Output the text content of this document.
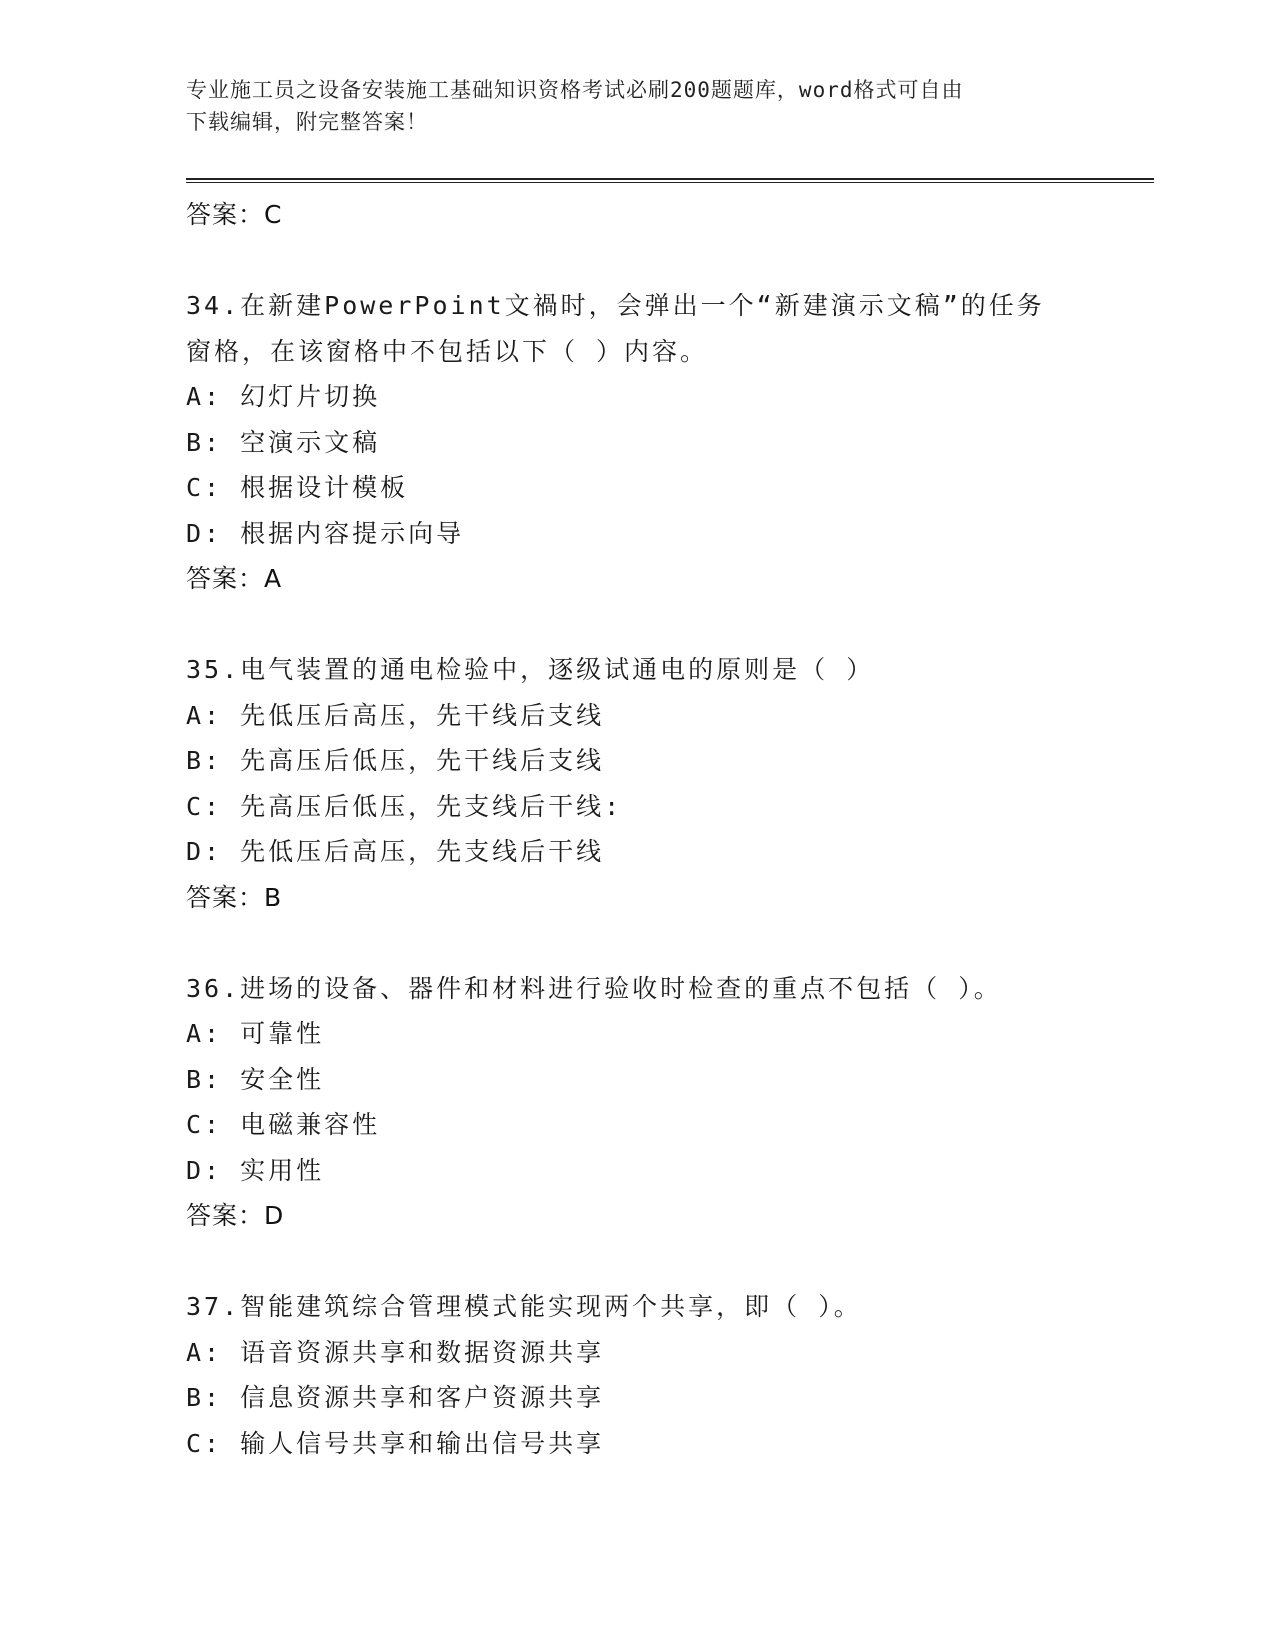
专业施工员之设备安装施工基础知识资格考试必刷200题题库，word格式可自由
下载编辑，附完整答案！
答案：C
34.在新建PowerPoint文禍时，会弹出一个“新建演示文稿”的任务
窗格，在该窗格中不包括以下（ ）内容。
A: 幻灯片切换
B: 空演示文稿
C: 根据设计模板
D: 根据内容提示向导
答案：A
35.电气装置的通电检验中，逐级试通电的原则是（ ）
A: 先低压后高压，先干线后支线
B: 先高压后低压，先干线后支线
C: 先高压后低压，先支线后干线:
D: 先低压后高压，先支线后干线
答案：B
36.进场的设备、器件和材料进行验收时检查的重点不包括（ ）。
A: 可靠性
B: 安全性
C: 电磁兼容性
D: 实用性
答案：D
37.智能建筑综合管理模式能实现两个共享，即（ ）。
A: 语音资源共享和数据资源共享
B: 信息资源共享和客户资源共享
C: 输人信号共享和输出信号共享
